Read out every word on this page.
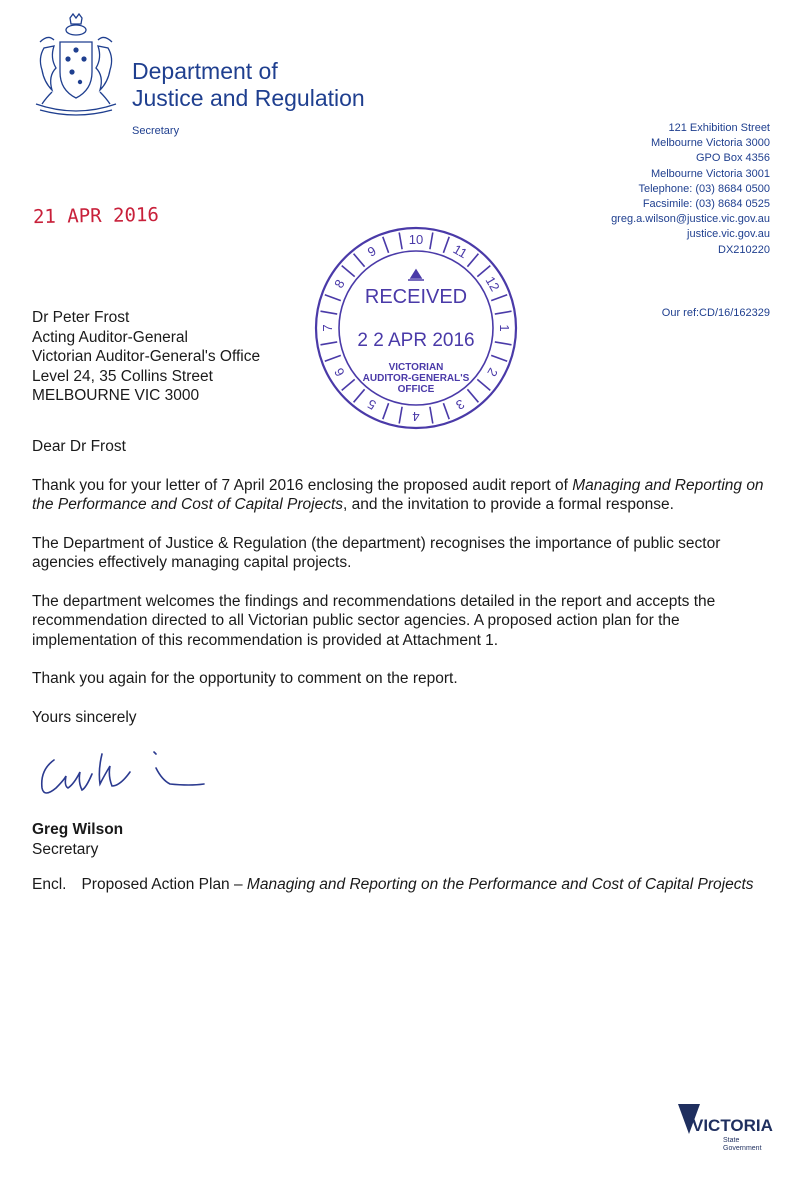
Department of
Justice and Regulation
Secretary	121 Exhibition Street
Melbourne Victoria 3000
GPO Box 4356
Melbourne Victoria 3001
Telephone: (03) 8684 0500
Facsimile: (03) 8684 0525
greg.a.wilson@justice.vic.gov.au
justice.vic.gov.au
DX210220
Our ref:CD/16/162329
21 APR 2016
10
11
12
1
2
3
4
5
6
7
8
9
RECEIVED
2 2 APR 2016
VICTORIAN
AUDITOR-GENERAL'S
OFFICE
Dr Peter Frost
Acting Auditor-General
Victorian Auditor-General's Office
Level 24, 35 Collins Street
MELBOURNE VIC 3000

Dear Dr Frost

Thank you for your letter of 7 April 2016 enclosing the proposed audit report of Managing and Reporting on the Performance and Cost of Capital Projects, and the invitation to provide a formal response.

The Department of Justice & Regulation (the department) recognises the importance of public sector agencies effectively managing capital projects.

The department welcomes the findings and recommendations detailed in the report and accepts the recommendation directed to all Victorian public sector agencies. A proposed action plan for the implementation of this recommendation is provided at Attachment 1.

Thank you again for the opportunity to comment on the report.

Yours sincerely

Greg Wilson
Secretary
Encl. Proposed Action Plan – Managing and Reporting on the Performance and Cost of Capital Projects
VICTORIA
State
Government
